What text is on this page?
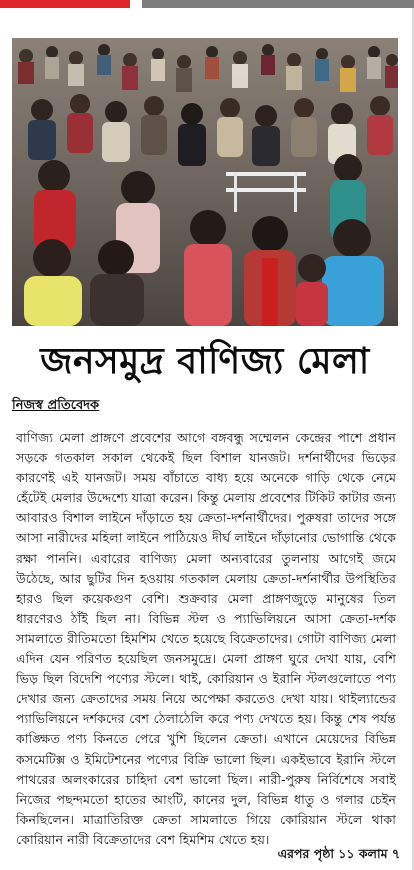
জনসমুদ্র বাণিজ্য মেলা
নিজস্ব প্রতিবেদক

বাণিজ্য মেলা প্রাঙ্গণে প্রবেশের আগে বঙ্গবন্ধু সম্মেলন কেন্দ্রের পাশে প্রধান সড়কে গতকাল সকাল থেকেই ছিল বিশাল যানজট। দর্শনার্থীদের ভিড়ের কারণেই এই যানজট। সময় বাঁচাতে বাধ্য হয়ে অনেকে গাড়ি থেকে নেমে হেঁটেই মেলার উদ্দেশ্যে যাত্রা করেন। কিন্তু মেলায় প্রবেশের টিকিট কাটার জন্য আবারও বিশাল লাইনে দাঁড়াতে হয় ক্রেতা-দর্শনার্থীদের। পুরুষরা তাদের সঙ্গে আসা নারীদের মহিলা লাইনে পাঠিয়েও দীর্ঘ লাইনে দাঁড়ানোর ভোগান্তি থেকে রক্ষা পাননি। এবারের বাণিজ্য মেলা অন্যবারের তুলনায় আগেই জমে উঠেছে, আর ছুটির দিন হওয়ায় গতকাল মেলায় ক্রেতা-দর্শনার্থীর উপস্থিতির হারও ছিল কয়েকগুণ বেশি। শুক্রবার মেলা প্রাঙ্গণজুড়ে মানুষের তিল ধারণেরও ঠাঁই ছিল না। বিভিন্ন স্টল ও প্যাভিলিয়নে আসা ক্রেতা-দর্শক সামলাতে রীতিমতো হিমশিম খেতে হয়েছে বিক্রেতাদের। গোটা বাণিজ্য মেলা এদিন যেন পরিণত হয়েছিল জনসমুদ্রে। মেলা প্রাঙ্গণ ঘুরে দেখা যায়, বেশি ভিড় ছিল বিদেশি পণ্যের স্টলে। থাই, কোরিয়ান ও ইরানি স্টলগুলোতে পণ্য দেখার জন্য ক্রেতাদের সময় নিয়ে অপেক্ষা করতেও দেখা যায়। থাইল্যান্ডের প্যাভিলিয়নে দর্শকদের বেশ ঠেলাঠেলি করে পণ্য দেখতে হয়। কিন্তু শেষ পর্যন্ত কাঙ্ক্ষিত পণ্য কিনতে পেরে খুশি ছিলেন ক্রেতা। এখানে মেয়েদের বিভিন্ন কসমেটিক্স ও ইমিটেশনের পণ্যের বিক্রি ভালো ছিল। একইভাবে ইরানি স্টলে পাথরের অলংকারের চাহিদা বেশ ভালো ছিল। নারী-পুরুষ নির্বিশেষে সবাই নিজের পছন্দমতো হাতের আংটি, কানের দুল, বিভিন্ন ধাতু ও গলার চেইন কিনছিলেন। মাত্রাতিরিক্ত ক্রেতা সামলাতে গিয়ে কোরিয়ান স্টলে থাকা কোরিয়ান নারী বিক্রেতাদের বেশ হিমশিম খেতে হয়।

এরপর পৃষ্ঠা ১১ কলাম ৭
